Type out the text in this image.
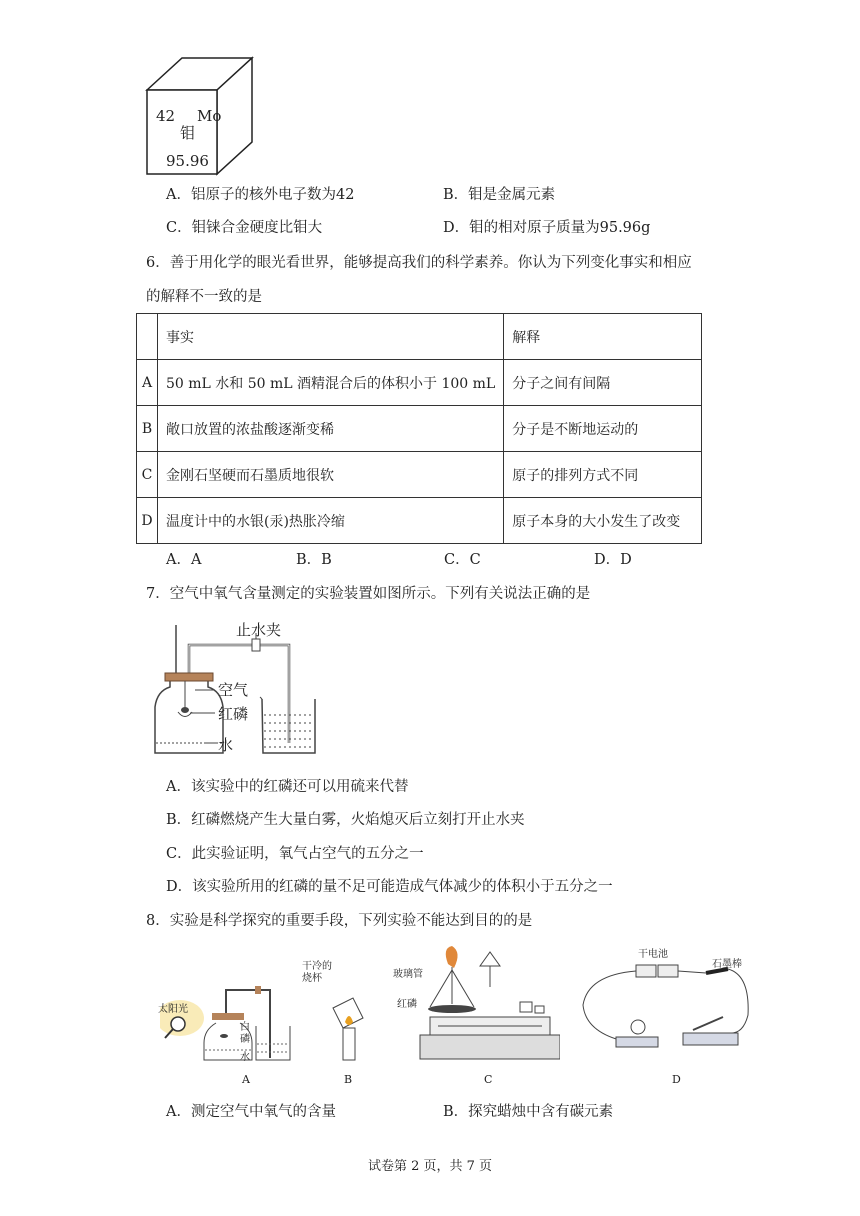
42 Mo
钼
95.96
A．铝原子的核外电子数为42	B．钼是金属元素
C．钼铼合金硬度比钼大	D．钼的相对原子质量为95.96g
6．善于用化学的眼光看世界，能够提高我们的科学素养。你认为下列变化事实和相应
的解释不一致的是
	事实	解释
A	50 mL 水和 50 mL 酒精混合后的体积小于 100 mL	分子之间有间隔
B	敞口放置的浓盐酸逐渐变稀	分子是不断地运动的
C	金刚石坚硬而石墨质地很软	原子的排列方式不同
D	温度计中的水银(汞)热胀冷缩	原子本身的大小发生了改变
A．A	B．B	C．C	D．D
7．空气中氧气含量测定的实验装置如图所示。下列有关说法正确的是
止水夹
空气
红磷
水
A．该实验中的红磷还可以用硫来代替
B．红磷燃烧产生大量白雾，火焰熄灭后立刻打开止水夹
C．此实验证明，氧气占空气的五分之一
D．该实验所用的红磷的量不足可能造成气体减少的体积小于五分之一
8．实验是科学探究的重要手段，下列实验不能达到目的的是
太阳光
白磷
水
A
干冷的烧杯
B
玻璃管
红磷
C
干电池
石墨棒
D
A．测定空气中氧气的含量	B．探究蜡烛中含有碳元素
试卷第 2 页，共 7 页
